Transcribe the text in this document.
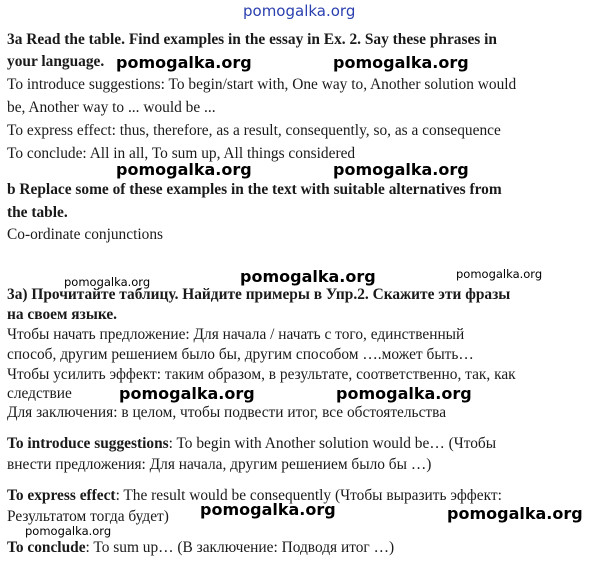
3a Read the table. Find examples in the essay in Ex. 2. Say these phrases in
your language.
To introduce suggestions: To begin/start with, One way to, Another solution would
be, Another way to ... would be ...
To express effect: thus, therefore, as a result, consequently, so, as a consequence
To conclude: All in all, To sum up, All things considered
b Replace some of these examples in the text with suitable alternatives from
the table.
Co-ordinate conjunctions
3a) Прочитайте таблицу. Найдите примеры в Упр.2. Скажите эти фразы
на своем языке.
Чтобы начать предложение: Для начала / начать с того, единственный
способ, другим решением было бы, другим способом ….может быть…
Чтобы усилить эффект: таким образом, в результате, соответственно, так, как
следствие
Для заключения: в целом, чтобы подвести итог, все обстоятельства
To introduce suggestions: To begin with Another solution would be… (Чтобы
внести предложения: Для начала, другим решением было бы …)
To express effect: The result would be consequently (Чтобы выразить эффект:
Результатом тогда будет)
To conclude: To sum up… (В заключение: Подводя итог …)
pomogalka.org
pomogalka.org	pomogalka.org
pomogalka.org	pomogalka.org
pomogalka.org	pomogalka.org	pomogalka.org
pomogalka.org	pomogalka.org
pomogalka.org	pomogalka.org
pomogalka.org
